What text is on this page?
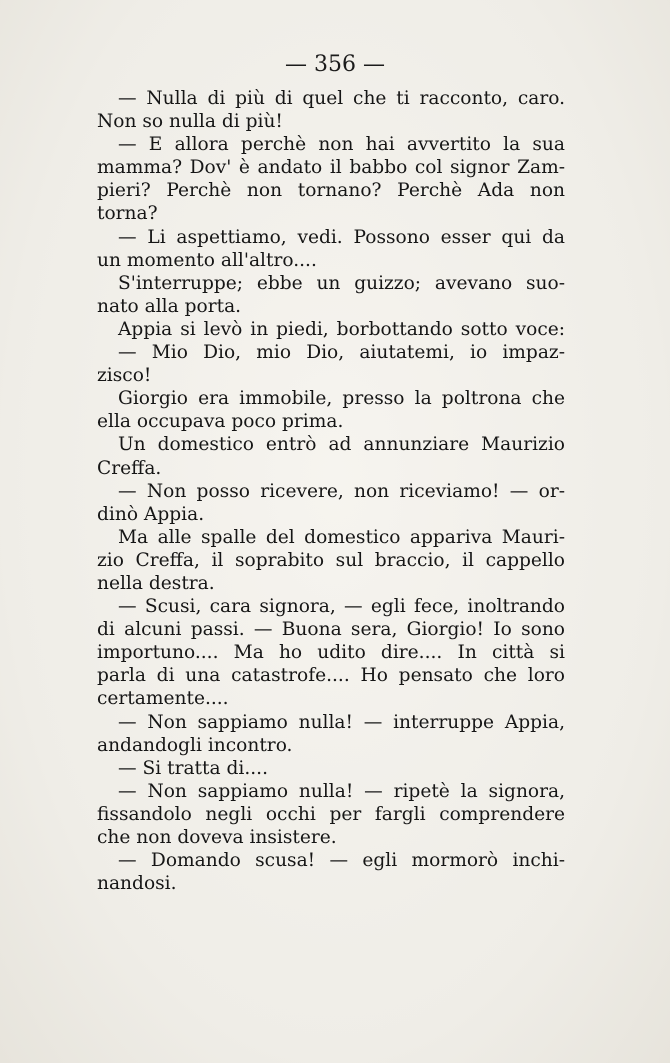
— 356 —
— Nulla di più di quel che ti racconto, caro.
Non so nulla di più!
— E allora perchè non hai avvertito la sua
mamma? Dov' è andato il babbo col signor Zam-
pieri? Perchè non tornano? Perchè Ada non
torna?
— Li aspettiamo, vedi. Possono esser qui da
un momento all'altro....
S'interruppe; ebbe un guizzo; avevano suo-
nato alla porta.
Appia si levò in piedi, borbottando sotto voce:
— Mio Dio, mio Dio, aiutatemi, io impaz-
zisco!
Giorgio era immobile, presso la poltrona che
ella occupava poco prima.
Un domestico entrò ad annunziare Maurizio
Creffa.
— Non posso ricevere, non riceviamo! — or-
dinò Appia.
Ma alle spalle del domestico appariva Mauri-
zio Creffa, il soprabito sul braccio, il cappello
nella destra.
— Scusi, cara signora, — egli fece, inoltrando
di alcuni passi. — Buona sera, Giorgio! Io sono
importuno.... Ma ho udito dire.... In città si
parla di una catastrofe.... Ho pensato che loro
certamente....
— Non sappiamo nulla! — interruppe Appia,
andandogli incontro.
— Si tratta di....
— Non sappiamo nulla! — ripetè la signora,
fissandolo negli occhi per fargli comprendere
che non doveva insistere.
— Domando scusa! — egli mormorò inchi-
nandosi.
